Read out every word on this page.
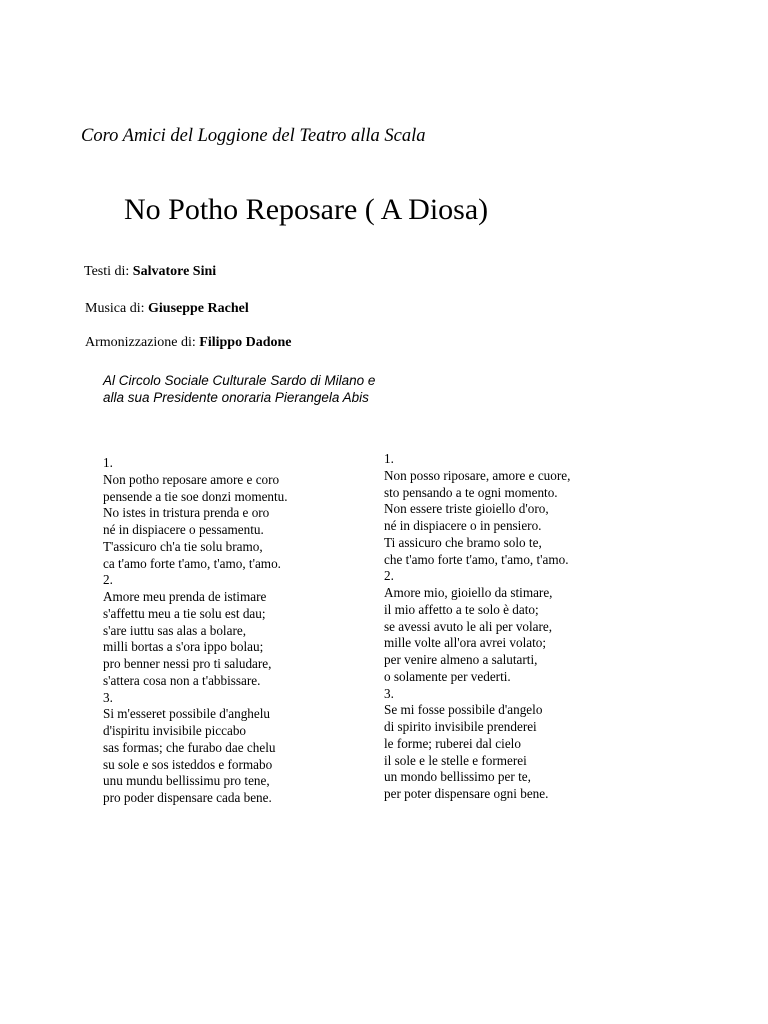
Coro Amici del Loggione del Teatro alla Scala
No Potho Reposare ( A Diosa)
Testi di: Salvatore Sini
Musica di: Giuseppe Rachel
Armonizzazione di: Filippo Dadone
Al Circolo Sociale Culturale Sardo di Milano e
alla sua Presidente onoraria Pierangela Abis
1.
Non potho reposare amore e coro
pensende a tie soe donzi momentu.
No istes in tristura prenda e oro
né in dispiacere o pessamentu.
T'assicuro ch'a tie solu bramo,
ca t'amo forte t'amo, t'amo, t'amo.
2.
Amore meu prenda de istimare
s'affettu meu a tie solu est dau;
s'are iuttu sas alas a bolare,
milli bortas a s'ora ippo bolau;
pro benner nessi pro ti saludare,
s'attera cosa non a t'abbissare.
3.
Si m'esseret possibile d'anghelu
d'ispiritu invisibile piccabo
sas formas; che furabo dae chelu
su sole e sos isteddos e formabo
unu mundu bellissimu pro tene,
pro poder dispensare cada bene.
1.
Non posso riposare, amore e cuore,
sto pensando a te ogni momento.
Non essere triste gioiello d'oro,
né in dispiacere o in pensiero.
Ti assicuro che bramo solo te,
che t'amo forte t'amo, t'amo, t'amo.
2.
Amore mio, gioiello da stimare,
il mio affetto a te solo è dato;
se avessi avuto le ali per volare,
mille volte all'ora avrei volato;
per venire almeno a salutarti,
o solamente per vederti.
3.
Se mi fosse possibile d'angelo
di spirito invisibile prenderei
le forme; ruberei dal cielo
il sole e le stelle e formerei
un mondo bellissimo per te,
per poter dispensare ogni bene.
